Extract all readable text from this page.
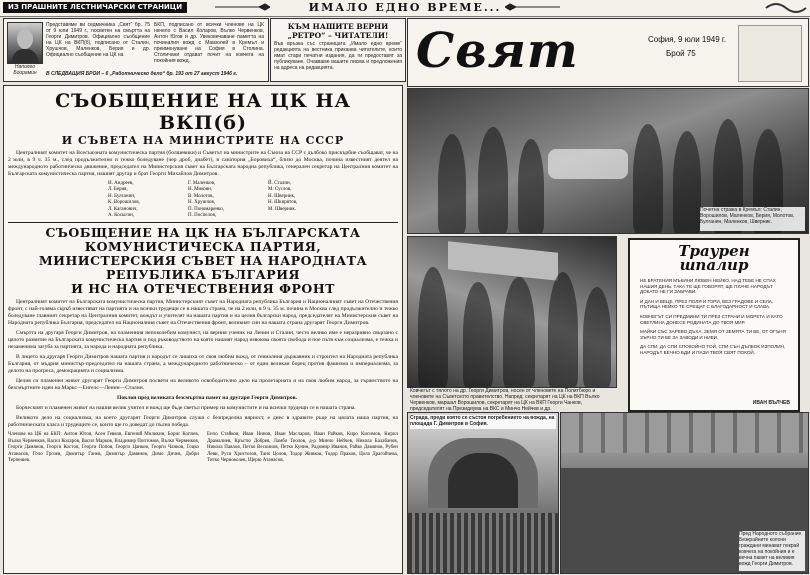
ИЗ ПРАШНИТЕ ЛЕСТНИЧАРСКИ СТРАНИЦИ	ИМАЛО ЕДНО ВРЕМЕ...
Наполео Боорамин
Представяме ви седмичника „Свят“ бр. 75 от 9 юли 1949 г., посветен на смъртта на Георги Димитров. Официално съобщение на ЦК на ВКП(б), подписано от Сталин, Хрушчов, Маленков, Берия и др. Официално съобщение на ЦК на
БКП, подписано от всички членове на ЦК начело с Васил Коларов, Вълко Червенков, Антон Югов и др. Увековечаване паметта на починалия вожд с Мавзолей в Кремъл и преименуване на София в Столина. Столичани отдават почит на ковчега на покойния вожд.
В СЛЕДВАЩИЯ БРОЙ – 6 „Работническо дело“ бр. 193 от 27 август 1946 г.
КЪМ НАШИТЕ ВЕРНИ „РЕТРО“ – ЧИТАТЕЛИ!
Във връзка със страницата „Имало едно време“ редакцията на вестника приканва читателите, които имат стари печатни издания, да ги предоставят за публикуване. Очакваме вашите писма и предложения на адреса на редакцията.	Свят	София, 9 юли 1949 г.
Брой 75
СЪОБЩЕНИЕ НА ЦК НА ВКП(б)
И СЪВЕТА НА МИНИСТРИТЕ НА СССР

Централният комитет на Всесъюзната комунистическа партия (болшевики) и Съветът на министрите на Съюза на ССР с дълбоко прискърбие съобщават, че на 2 юли, в 9 ч. 35 м., след продължително и тежко боледуване (чер дроб, диабет), в санатория „Боровиха“, близо до Москва, почина известният деятел на международното работническо движение, председател на Министерския съвет на Българската народна република, генерален секретар на Централния комитет на Българската комунистическа партия, нашият другар и брат Георги Михайлов Димитров.

И. Андреев,	Г. Маленков,	Й. Сталин,
Л. Берия,	Н. Микоян,	М. Суслов,
Н. Булганин,	В. Молотов,	Н. Шверник,
К. Ворошилов,	Н. Хрушчов,	Н. Шкирятов,
Л. Каганович,	П. Пономаренко,	М. Шверник.
А. Косыгин,	П. Поспелов,
СЪОБЩЕНИЕ НА ЦК НА БЪЛГАРСКАТА КОМУНИСТИЧЕСКА ПАРТИЯ,
МИНИСТЕРСКИЯ СЪВЕТ НА НАРОДНАТА РЕПУБЛИКА БЪЛГАРИЯ
И НС НА ОТЕЧЕСТВЕНИЯ ФРОНТ

Централният комитет на Българската комунистическа партия, Министерският съвет на Народната република България и Националният съвет на Отечествения фронт, с най-голяма скръб известяват на партията и на всички трудещи се в нашата страна, че на 2 юли, в 9 ч. 35 м. почина в Москва след продължително и тежко боледуване главният секретар на Централния комитет, вождът и учителят на нашата партия и на целия български народ, председателят на Министерския съвет на Народната република България, председател на Националния съвет на Отечествения фронт, великият син на нашата страна другарят Георги Димитров.

Смъртта на другаря Георги Димитров, на пламенния непоколебим комунист, на верния ученик на Ленин и Сталин, често велико име е неразривно свързано с цялото развитие на Българската комунистическа партия и под ръководството на която нашият народ извоюва своята свобода и пое пътя към социализма, е тежка и незаменима загуба за партията, за народа и народната република.

В лицето на другаря Георги Димитров нашата партия и народът се лишиха от своя любим вожд, от гениалния държавник и строител на Народната република България, от мъдрия министър-председател на нашата страна, а международното работническо – от един великан борец против фашизма и империализма, за делото на прогреса, демокрацията и социализма.

Целия си пламенен живот другарят Георги Димитров посвети на великото освободително дело на пролетариата и на своя любим народ, за тържеството на безсмъртните идеи на Маркс—Енгелс—Ленин—Сталин.

Поклон пред великата безсмъртна памет на другаря Георги Димитров.

Борческият и пламенен живот на нашия велик учител и вожд ще бъде светъл пример на комунистите и на всички трудещи се в нашата страна.

Великото дело на социализма, на което другарят Георги Димитров служи с безпределна вярност, е днес в здравите ръце на цялата наша партия, на работническата класа и трудещите се, които ще го доведат до пълна победа.

Членове на ЦК на БКП: Антон Югов, Асен Гевков, Евгений Миликин, Борис Копчев, Вълко Червенков, Васил Коларов, Васил Марков, Владимир Поптомов, Вълко Червенков, Георги Дамянов, Георги Костов, Георги Попов, Георги Цанков, Георги Чанков, Гоцко Атанасов, Гочо Грозев, Димитър Ганев, Димитър Дамянов, Димо Дичев, Добри Терпешев.
Енчо Стайков, Иван Нинов, Иван Масларов, Иван Райков, Киро Кисимов, Кирил Драмалиев, Кръстю Добрев, Ламбо Теолов, д-р Минчо Нейчев, Никола Балабанов, Никола Павлов, Петко Вескинов, Петко Кунин, Радомир Иванов, Райко Дамянов, Рубен Леви, Руси Христозов, Тано Цолов, Тодор Живков, Тодор Праков, Цола Драгойчева, Титко Черноколев, Щерю Атанасов.
Почетна стража в Кремъл: Сталин, Ворошилов, Маленков, Берия, Молотов, Булганин, Маленков, Шверник.
Ковчегът с тялото на др. Георги Димитров, носен от членовете на Политбюро и членовете на Съветското правителство. Напред: секретарят на ЦК на ВКП Вълко Червенков, маршал Ворошилов, секретарят на ЦК на ВКП Георги Чанков, председателят на Президиума на ВКС и Минчо Нейчев и др.
Траурен
шпалир
НЕ БРАТЕНИЯ МЪКИНИ ЛЮБЕН НЕЙКО, НАД ТЕБЕ НЕ СПАХ НАШИЯ ДЕНЬ. ТАКА ТЕ ЩЕ ГОВОРЯТ, ЩЕ ПЛАЧЕ НАРОДЪТ ДОКАТО НЕ ГИ ЗАБРАВИ.
И ДАН И ВЕЦЕ, ПРЕЗ ПОЛЯ И ГОРИ, ВЕЗ ГРАДОВЕ И СЕЛА, ПЪТИЩА НЕЙКО ТЕ СРЕЩАТ С БЛАГОДАРНОСТ И СЛАВА.
КОВЧЕГЪТ СИ ПРЕДМИНИ ТИ ПРЕЗ СТРАНИ И МОРЕТА И КАТО СВЕТЛИНА ДОНЕСЕ РОДИНАТА ДО ТВОЯ МИР.
МАЙКИ СЪС ЗАРЕВО ДЪХА, ЗЕМЯ ОТ ЗЕМЯТА ТИ БЕ, ОТ ОГЪНЯ ЗЪРНО ТИ БЕ ЗА ЗАВОДИ И НИВИ.
ДА СПИ, ДА СПИ СПОКОЙНО ТОЙ, СПИ СЪН ДЪЛБОК ИЗПОЛИН, НАРОДЪТ ВЕЧНО БДИ И ПАЗИ ТВОЯ СВЯТ ПОКОЙ.
ИВАН ВЪЛЧЕВ
Сграда, преди която се състоя погребението на вожда, на площада Г. Димитров в София.
Пред Народното събрание. Безкрайните колони граждани минават покрай ковчега на покойния и е вечна памет на великия вожд Георги Димитров.
